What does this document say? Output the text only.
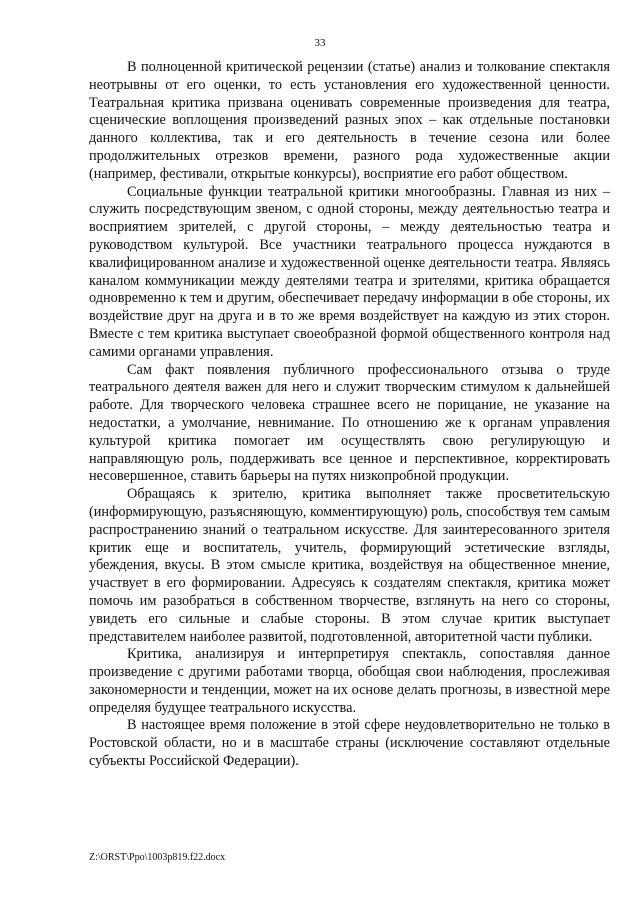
33

В полноценной критической рецензии (статье) анализ и толкование спектакля неотрывны от его оценки, то есть установления его художественной ценности. Театральная критика призвана оценивать современные произведения для театра, сценические воплощения произведений разных эпох – как отдельные постановки данного коллектива, так и его деятельность в течение сезона или более продолжительных отрезков времени, разного рода художественные акции (например, фестивали, открытые конкурсы), восприятие его работ обществом.

Социальные функции театральной критики многообразны. Главная из них – служить посредствующим звеном, с одной стороны, между деятельностью театра и восприятием зрителей, с другой стороны, – между деятельностью театра и руководством культурой. Все участники театрального процесса нуждаются в квалифицированном анализе и художественной оценке деятельности театра. Являясь каналом коммуникации между деятелями театра и зрителями, критика обращается одновременно к тем и другим, обеспечивает передачу информации в обе стороны, их воздействие друг на друга и в то же время воздействует на каждую из этих сторон. Вместе с тем критика выступает своеобразной формой общественного контроля над самими органами управления.

Сам факт появления публичного профессионального отзыва о труде театрального деятеля важен для него и служит творческим стимулом к дальнейшей работе. Для творческого человека страшнее всего не порицание, не указание на недостатки, а умолчание, невнимание. По отношению же к органам управления культурой критика помогает им осуществлять свою регулирующую и направляющую роль, поддерживать все ценное и перспективное, корректировать несовершенное, ставить барьеры на путях низкопробной продукции.

Обращаясь к зрителю, критика выполняет также просветительскую (информирующую, разъясняющую, комментирующую) роль, способствуя тем самым распространению знаний о театральном искусстве. Для заинтересованного зрителя критик еще и воспитатель, учитель, формирующий эстетические взгляды, убеждения, вкусы. В этом смысле критика, воздействуя на общественное мнение, участвует в его формировании. Адресуясь к создателям спектакля, критика может помочь им разобраться в собственном творчестве, взглянуть на него со стороны, увидеть его сильные и слабые стороны. В этом случае критик выступает представителем наиболее развитой, подготовленной, авторитетной части публики.

Критика, анализируя и интерпретируя спектакль, сопоставляя данное произведение с другими работами творца, обобщая свои наблюдения, прослеживая закономерности и тенденции, может на их основе делать прогнозы, в известной мере определяя будущее театрального искусства.

В настоящее время положение в этой сфере неудовлетворительно не только в Ростовской области, но и в масштабе страны (исключение составляют отдельные субъекты Российской Федерации).

Z:\ORST\Ppo\1003p819.f22.docx
